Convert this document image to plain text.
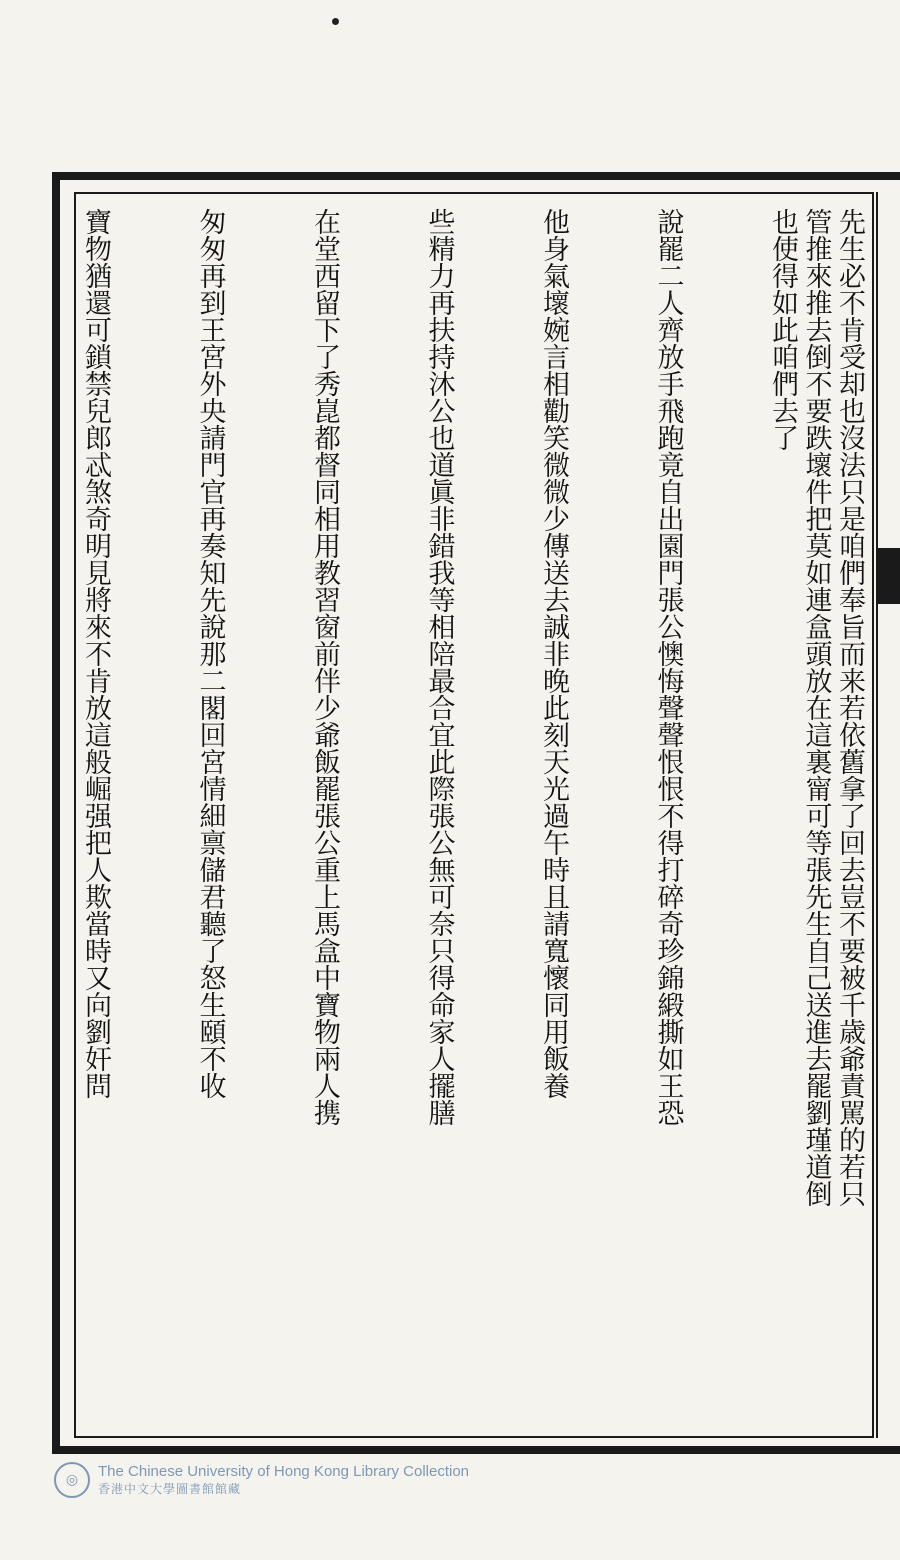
先生必不肯受却也沒法只是咱們奉旨而来若依舊拿了回去豈不要被千歳爺責駡的若只
管推來推去倒不要跌壞件把莫如連盒頭放在這裏甯可等張先生自己送進去罷劉瑾道倒
也使得如此咱們去了
說罷二人齊放手飛跑竟自出園門張公懊悔聲聲恨恨不得打碎奇珍錦緞撕如王恐
他身氣壞婉言相勸笑微微少傳送去誠非晚此刻天光過午時且請寬懷同用飯養
些精力再扶持沐公也道眞非錯我等相陪最合宜此際張公無可奈只得命家人擺膳
在堂西留下了秀崑都督同相用教習窗前伴少爺飯罷張公重上馬盒中寶物兩人携
匆匆再到王宮外央請門官再奏知先說那二閣回宮情細禀儲君聽了怒生頤不收
寶物猶還可鎖禁兒郎忒煞奇明見將來不肯放這般崛强把人欺當時又向劉奸問
◎	The Chinese University of Hong Kong Library Collection
香港中文大學圖書館館藏
